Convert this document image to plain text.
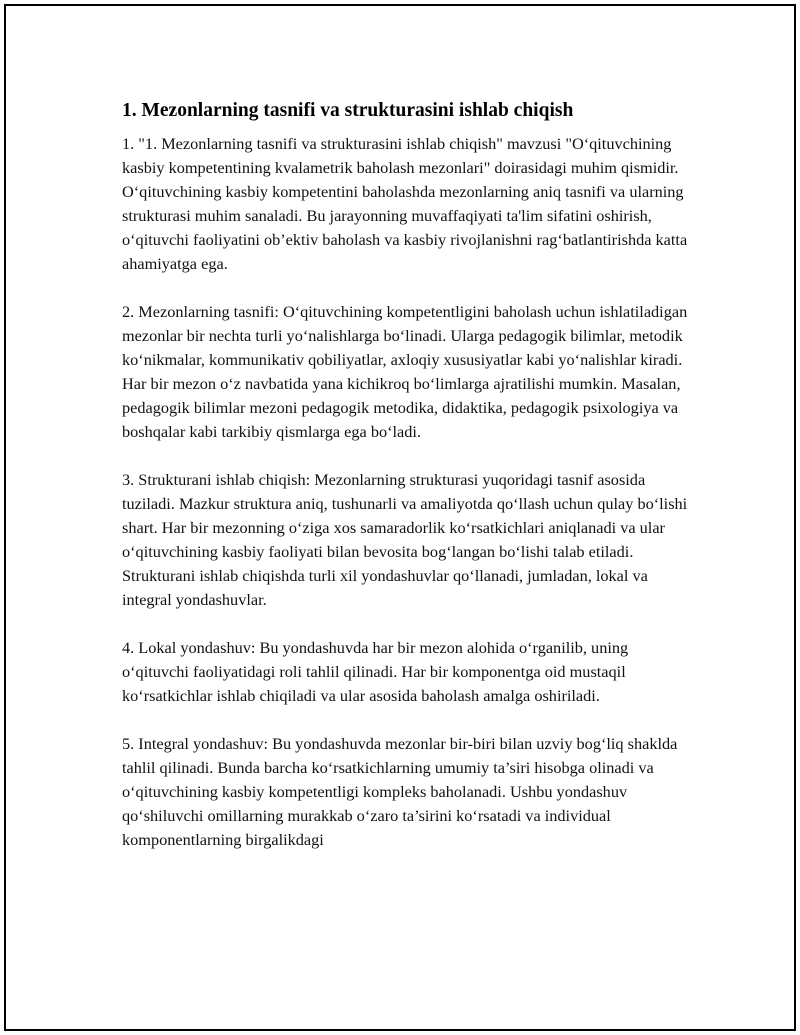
1. Mezonlarning tasnifi va strukturasini ishlab chiqish

1. "1. Mezonlarning tasnifi va strukturasini ishlab chiqish" mavzusi "O‘qituvchining kasbiy kompetentining kvalametrik baholash mezonlari" doirasidagi muhim qismidir. O‘qituvchining kasbiy kompetentini baholashda mezonlarning aniq tasnifi va ularning strukturasi muhim sanaladi. Bu jarayonning muvaffaqiyati ta'lim sifatini oshirish, o‘qituvchi faoliyatini ob’ektiv baholash va kasbiy rivojlanishni rag‘batlantirishda katta ahamiyatga ega.

2. Mezonlarning tasnifi: O‘qituvchining kompetentligini baholash uchun ishlatiladigan mezonlar bir nechta turli yo‘nalishlarga bo‘linadi. Ularga pedagogik bilimlar, metodik ko‘nikmalar, kommunikativ qobiliyatlar, axloqiy xususiyatlar kabi yo‘nalishlar kiradi. Har bir mezon o‘z navbatida yana kichikroq bo‘limlarga ajratilishi mumkin. Masalan, pedagogik bilimlar mezoni pedagogik metodika, didaktika, pedagogik psixologiya va boshqalar kabi tarkibiy qismlarga ega bo‘ladi.

3. Strukturani ishlab chiqish: Mezonlarning strukturasi yuqoridagi tasnif asosida tuziladi. Mazkur struktura aniq, tushunarli va amaliyotda qo‘llash uchun qulay bo‘lishi shart. Har bir mezonning o‘ziga xos samaradorlik ko‘rsatkichlari aniqlanadi va ular o‘qituvchining kasbiy faoliyati bilan bevosita bog‘langan bo‘lishi talab etiladi. Strukturani ishlab chiqishda turli xil yondashuvlar qo‘llanadi, jumladan, lokal va integral yondashuvlar.

4. Lokal yondashuv: Bu yondashuvda har bir mezon alohida o‘rganilib, uning o‘qituvchi faoliyatidagi roli tahlil qilinadi. Har bir komponentga oid mustaqil ko‘rsatkichlar ishlab chiqiladi va ular asosida baholash amalga oshiriladi.

5. Integral yondashuv: Bu yondashuvda mezonlar bir-biri bilan uzviy bog‘liq shaklda tahlil qilinadi. Bunda barcha ko‘rsatkichlarning umumiy ta’siri hisobga olinadi va o‘qituvchining kasbiy kompetentligi kompleks baholanadi. Ushbu yondashuv qo‘shiluvchi omillarning murakkab o‘zaro ta’sirini ko‘rsatadi va individual komponentlarning birgalikdagi
